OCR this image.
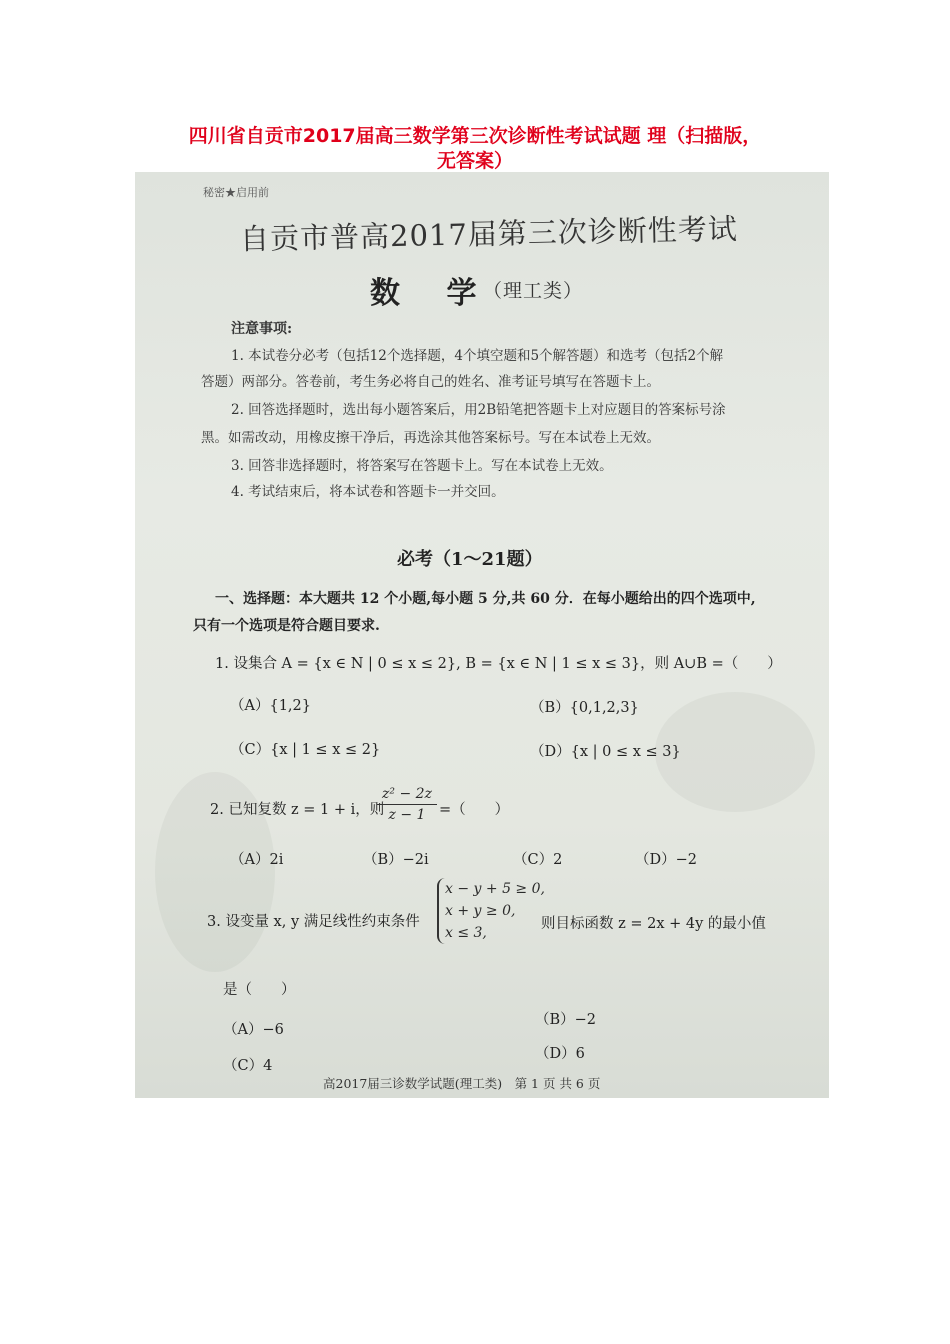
四川省自贡市2017届高三数学第三次诊断性考试试题 理（扫描版，
无答案）
秘密★启用前
自贡市普高2017届第三次诊断性考试
数 学
（理工类）
注意事项:
1. 本试卷分必考（包括12个选择题，4个填空题和5个解答题）和选考（包括2个解
答题）两部分。答卷前，考生务必将自己的姓名、准考证号填写在答题卡上。
2. 回答选择题时，选出每小题答案后，用2B铅笔把答题卡上对应题目的答案标号涂
黑。如需改动，用橡皮擦干净后，再选涂其他答案标号。写在本试卷上无效。
3. 回答非选择题时，将答案写在答题卡上。写在本试卷上无效。
4. 考试结束后，将本试卷和答题卡一并交回。
必考（1～21题）
一、选择题：本大题共 12 个小题,每小题 5 分,共 60 分．在每小题给出的四个选项中,
只有一个选项是符合题目要求.
1. 设集合 A = {x ∈ N | 0 ≤ x ≤ 2}, B = {x ∈ N | 1 ≤ x ≤ 3}，则 A∪B =（　　）
（A）{1,2}	（B）{0,1,2,3}
（C）{x | 1 ≤ x ≤ 2}	（D）{x | 0 ≤ x ≤ 3}
2. 已知复数 z = 1 + i，则
z² − 2z
z − 1 =（　　）
（A）2i	（B）−2i	（C）2	（D）−2
3. 设变量 x, y 满足线性约束条件
x − y + 5 ≥ 0,
x + y ≥ 0,
x ≤ 3,
则目标函数 z = 2x + 4y 的最小值
是（　　）
（A）−6
（B）−2
（C）4
（D）6
高2017届三诊数学试题(理工类)　第 1 页 共 6 页
